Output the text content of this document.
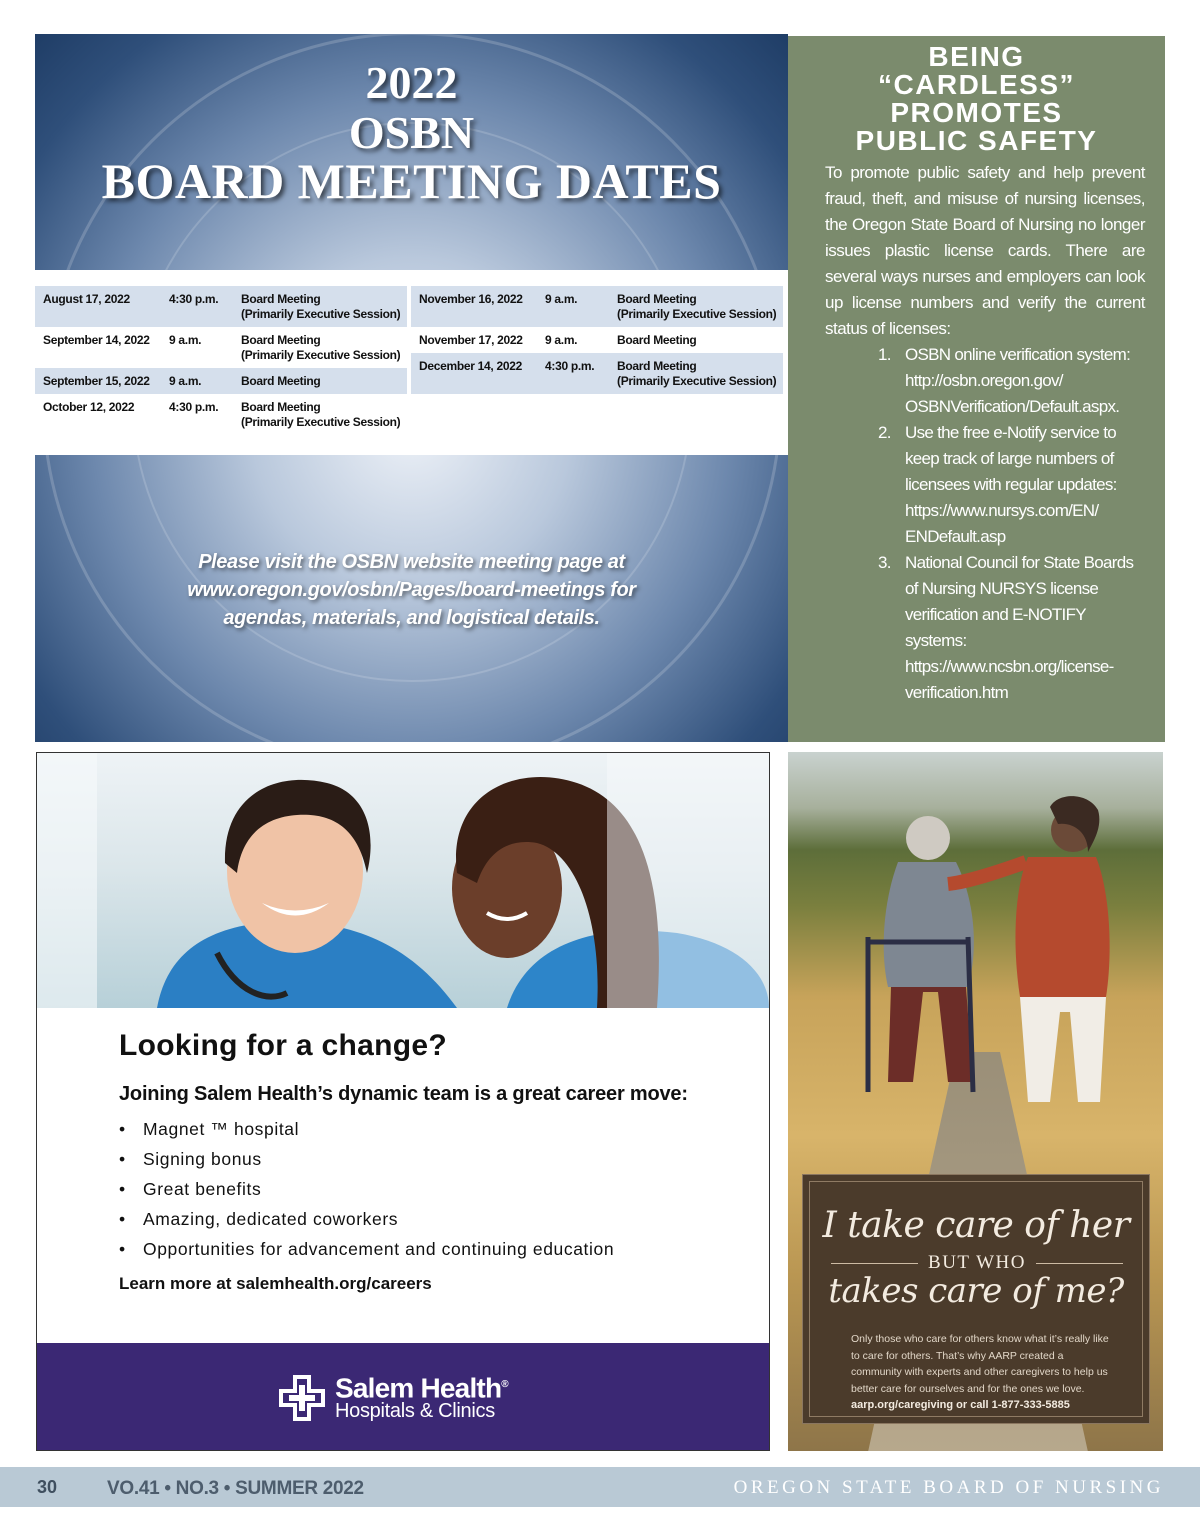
2022
OSBN
BOARD MEETING DATES
August 17, 2022	4:30 p.m.	Board Meeting
(Primarily Executive Session)
September 14, 2022	9 a.m.	Board Meeting
(Primarily Executive Session)
September 15, 2022	9 a.m.	Board Meeting
October 12, 2022	4:30 p.m.	Board Meeting
(Primarily Executive Session)
November 16, 2022	9 a.m.	Board Meeting
(Primarily Executive Session)
November 17, 2022	9 a.m.	Board Meeting
December 14, 2022	4:30 p.m.	Board Meeting
(Primarily Executive Session)

Please visit the OSBN website meeting page at www.oregon.gov/osbn/Pages/board-meetings for agendas, materials, and logistical details.

BEING
“CARDLESS”
PROMOTES
PUBLIC SAFETY

To promote public safety and help prevent fraud, theft, and misuse of nursing licenses, the Oregon State Board of Nursing no longer issues plastic license cards. There are several ways nurses and employers can look up license numbers and verify the current status of licenses:

1. OSBN online verification system:
http://osbn.oregon.gov/
OSBNVerification/Default.aspx.
2. Use the free e-Notify service to keep track of large numbers of licensees with regular updates:
https://www.nursys.com/EN/
ENDefault.asp
3. National Council for State Boards of Nursing NURSYS license verification and E-NOTIFY systems:
https://www.ncsbn.org/license-
verification.htm
Looking for a change?

Joining Salem Health’s dynamic team is a great career move:

• Magnet ™ hospital
• Signing bonus
• Great benefits
• Amazing, dedicated coworkers
• Opportunities for advancement and continuing education

Learn more at salemhealth.org/careers

Salem Health®
Hospitals & Clinics
I take care of her
BUT WHO
takes care of me?

Only those who care for others know what it’s really like to care for others. That’s why AARP created a community with experts and other caregivers to help us better care for ourselves and for the ones we love.

aarp.org/caregiving or call 1-877-333-5885

30	VO.41 • NO.3 • SUMMER 2022	OREGON STATE BOARD OF NURSING
